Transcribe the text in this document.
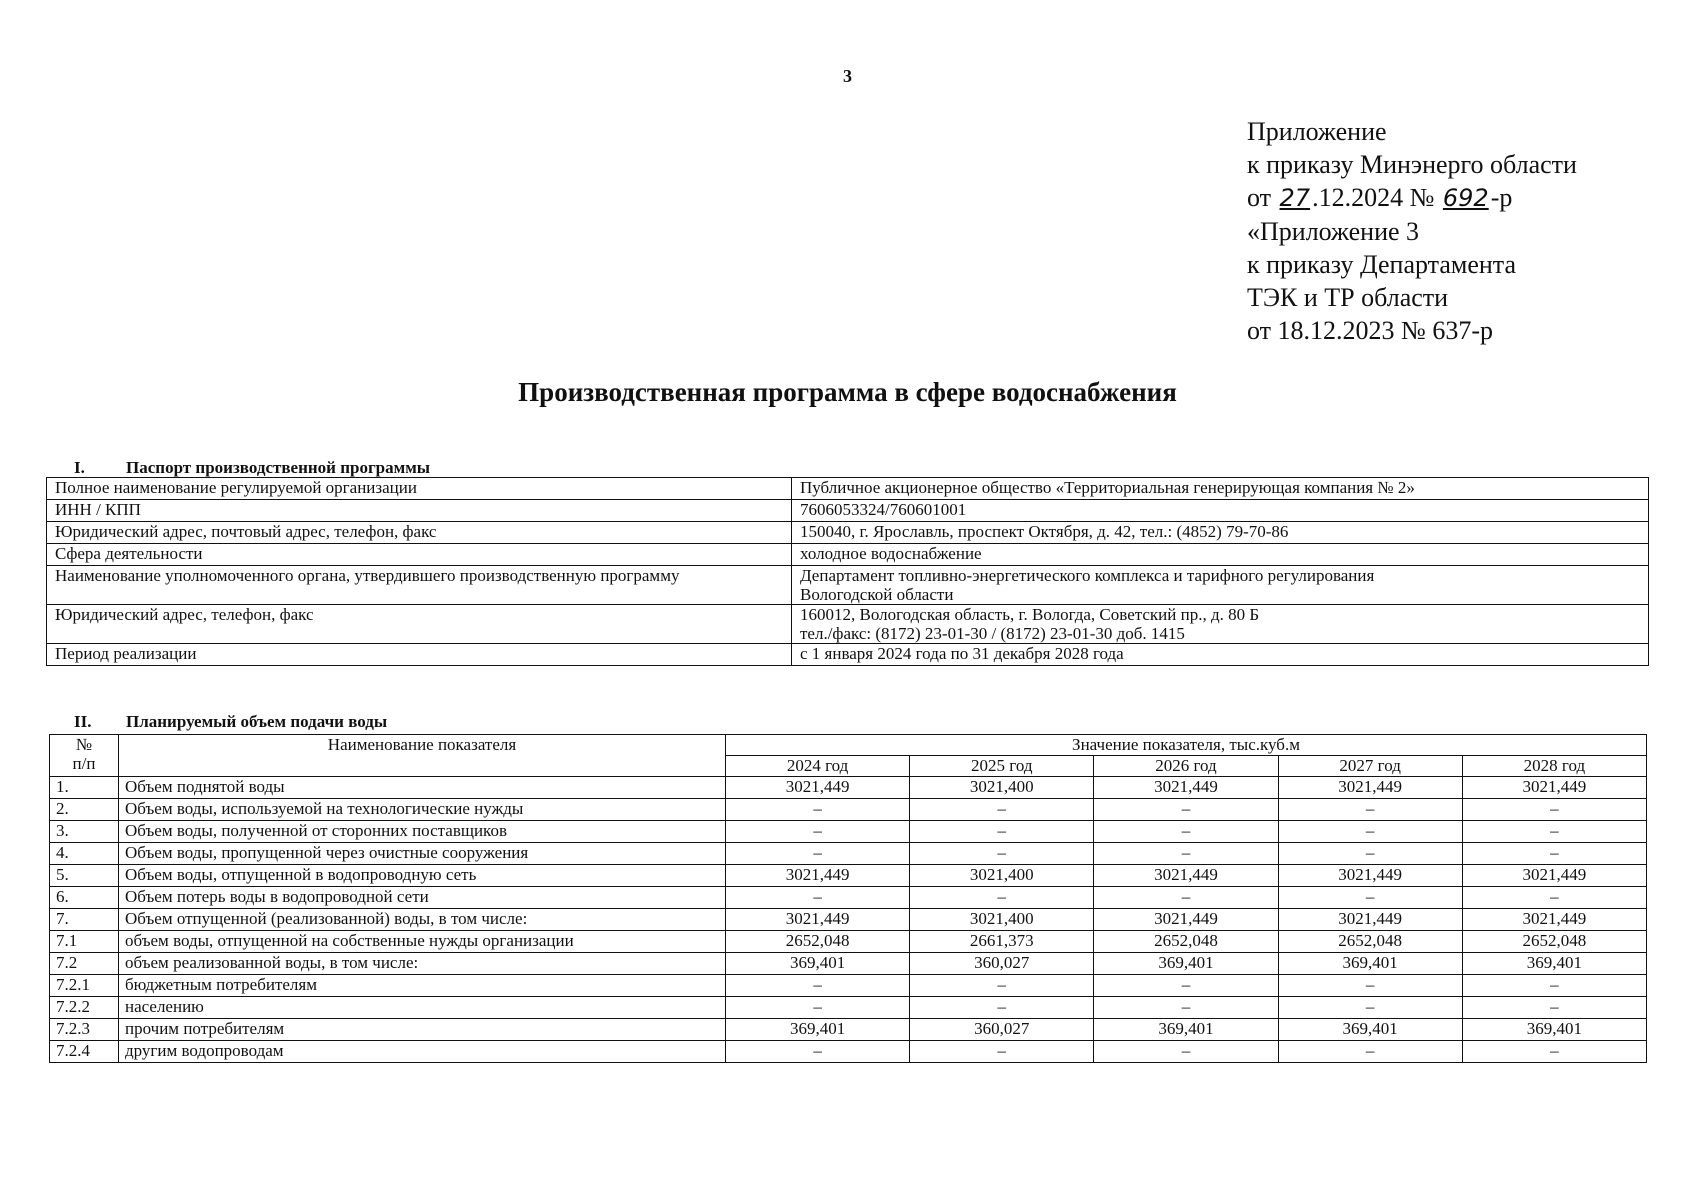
3
Приложение
к приказу Минэнерго области
от 27.12.2024 № 692-р
«Приложение 3
к приказу Департамента
ТЭК и ТР области
от 18.12.2023 № 637-р
Производственная программа в сфере водоснабжения
I. Паспорт производственной программы
Полное наименование регулируемой организации	Публичное акционерное общество «Территориальная генерирующая компания № 2»
ИНН / КПП	7606053324/760601001
Юридический адрес, почтовый адрес, телефон, факс	150040, г. Ярославль, проспект Октября, д. 42, тел.: (4852) 79-70-86
Сфера деятельности	холодное водоснабжение
Наименование уполномоченного органа, утвердившего производственную программу	Департамент топливно-энергетического комплекса и тарифного регулирования
Вологодской области
Юридический адрес, телефон, факс	160012, Вологодская область, г. Вологда, Советский пр., д. 80 Б
тел./факс: (8172) 23-01-30 / (8172) 23-01-30 доб. 1415
Период реализации	с 1 января 2024 года по 31 декабря 2028 года
II. Планируемый объем подачи воды
№
п/п	Наименование показателя	Значение показателя, тыс.куб.м				
		2024 год	2025 год	2026 год	2027 год	2028 год
1.	Объем поднятой воды	3021,449	3021,400	3021,449	3021,449	3021,449
2.	Объем воды, используемой на технологические нужды	–	–	–	–	–
3.	Объем воды, полученной от сторонних поставщиков	–	–	–	–	–
4.	Объем воды, пропущенной через очистные сооружения	–	–	–	–	–
5.	Объем воды, отпущенной в водопроводную сеть	3021,449	3021,400	3021,449	3021,449	3021,449
6.	Объем потерь воды в водопроводной сети	–	–	–	–	–
7.	Объем отпущенной (реализованной) воды, в том числе:	3021,449	3021,400	3021,449	3021,449	3021,449
7.1	объем воды, отпущенной на собственные нужды организации	2652,048	2661,373	2652,048	2652,048	2652,048
7.2	объем реализованной воды, в том числе:	369,401	360,027	369,401	369,401	369,401
7.2.1	бюджетным потребителям	–	–	–	–	–
7.2.2	населению	–	–	–	–	–
7.2.3	прочим потребителям	369,401	360,027	369,401	369,401	369,401
7.2.4	другим водопроводам	–	–	–	–	–
